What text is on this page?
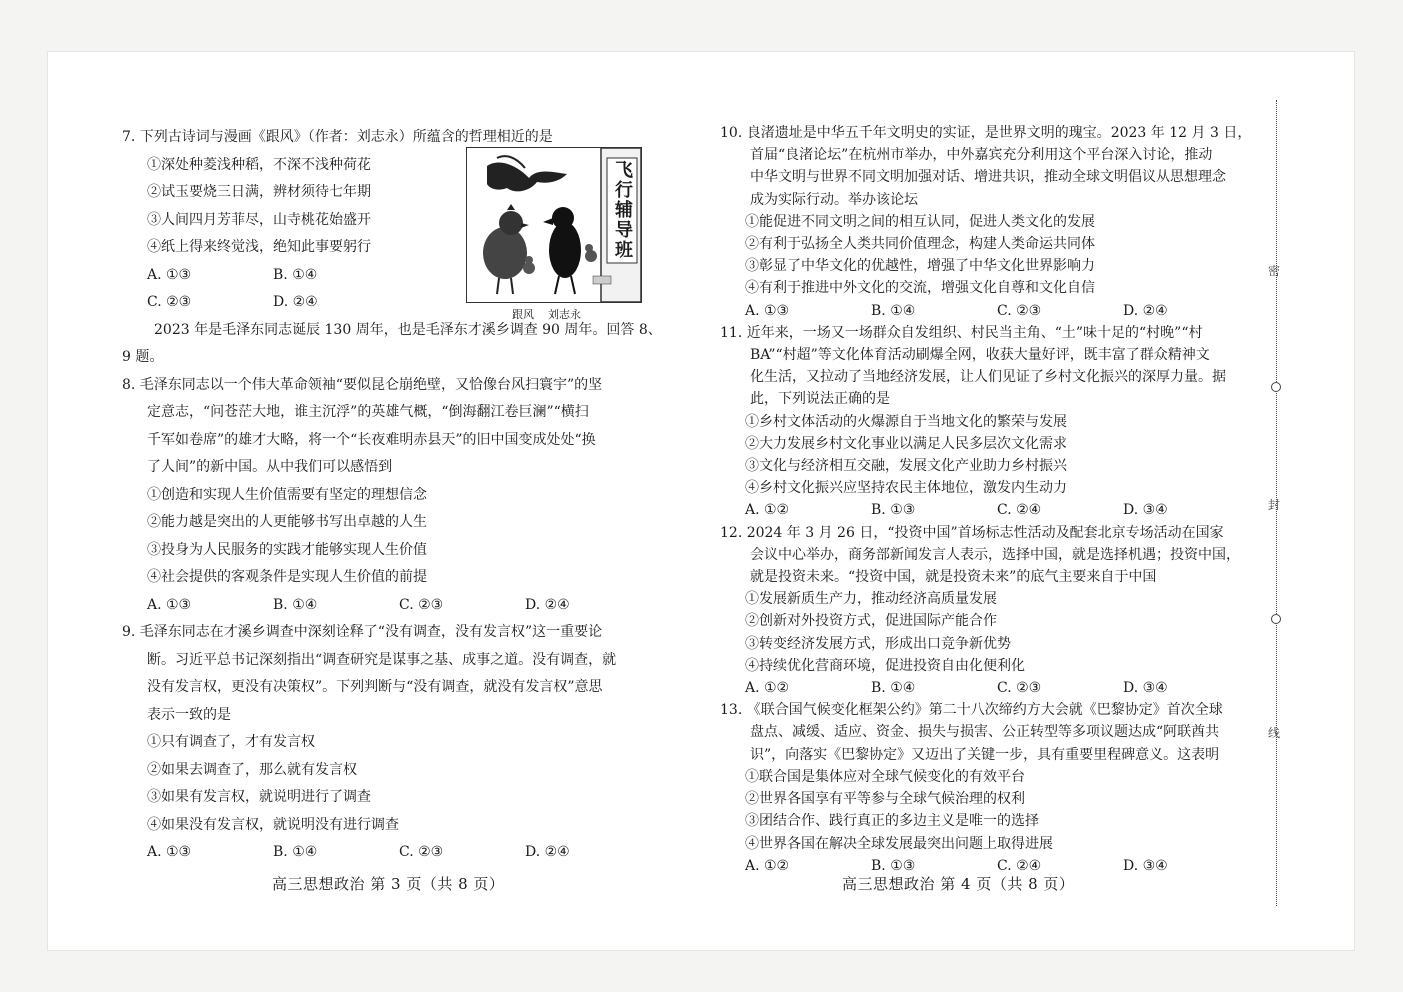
7. 下列古诗词与漫画《跟风》（作者：刘志永）所蕴含的哲理相近的是
①深处种菱浅种稻，不深不浅种荷花
②试玉要烧三日满，辨材须待七年期
③人间四月芳菲尽，山寺桃花始盛开
④纸上得来终觉浅，绝知此事要躬行
A. ①③	B. ①④
C. ②③	D. ②④
2023 年是毛泽东同志诞辰 130 周年，也是毛泽东才溪乡调查 90 周年。回答 8、
9 题。
8. 毛泽东同志以一个伟大革命领袖“要似昆仑崩绝壁，又恰像台风扫寰宇”的坚
定意志，“问苍茫大地，谁主沉浮”的英雄气概，“倒海翻江卷巨澜”“横扫
千军如卷席”的雄才大略，将一个“长夜难明赤县天”的旧中国变成处处“换
了人间”的新中国。从中我们可以感悟到
①创造和实现人生价值需要有坚定的理想信念
②能力越是突出的人更能够书写出卓越的人生
③投身为人民服务的实践才能够实现人生价值
④社会提供的客观条件是实现人生价值的前提
A. ①③	B. ①④	C. ②③	D. ②④
9. 毛泽东同志在才溪乡调查中深刻诠释了“没有调查，没有发言权”这一重要论
断。习近平总书记深刻指出“调查研究是谋事之基、成事之道。没有调查，就
没有发言权，更没有决策权”。下列判断与“没有调查，就没有发言权”意思
表示一致的是
①只有调查了，才有发言权
②如果去调查了，那么就有发言权
③如果有发言权，就说明进行了调查
④如果没有发言权，就说明没有进行调查
A. ①③	B. ①④	C. ②③	D. ②④
飞行辅导班
跟风    刘志永
高三思想政治 第 3 页（共 8 页）
10. 良渚遗址是中华五千年文明史的实证，是世界文明的瑰宝。2023 年 12 月 3 日，
首届“良渚论坛”在杭州市举办，中外嘉宾充分利用这个平台深入讨论，推动
中华文明与世界不同文明加强对话、增进共识，推动全球文明倡议从思想理念
成为实际行动。举办该论坛
①能促进不同文明之间的相互认同，促进人类文化的发展
②有利于弘扬全人类共同价值理念，构建人类命运共同体
③彰显了中华文化的优越性，增强了中华文化世界影响力
④有利于推进中外文化的交流，增强文化自尊和文化自信
A. ①③	B. ①④	C. ②③	D. ②④
11. 近年来，一场又一场群众自发组织、村民当主角、“土”味十足的“村晚”“村
BA”“村超”等文化体育活动刷爆全网，收获大量好评，既丰富了群众精神文
化生活，又拉动了当地经济发展，让人们见证了乡村文化振兴的深厚力量。据
此，下列说法正确的是
①乡村文体活动的火爆源自于当地文化的繁荣与发展
②大力发展乡村文化事业以满足人民多层次文化需求
③文化与经济相互交融，发展文化产业助力乡村振兴
④乡村文化振兴应坚持农民主体地位，激发内生动力
A. ①②	B. ①③	C. ②④	D. ③④
12. 2024 年 3 月 26 日，“投资中国”首场标志性活动及配套北京专场活动在国家
会议中心举办，商务部新闻发言人表示，选择中国，就是选择机遇；投资中国，
就是投资未来。“投资中国，就是投资未来”的底气主要来自于中国
①发展新质生产力，推动经济高质量发展
②创新对外投资方式，促进国际产能合作
③转变经济发展方式，形成出口竞争新优势
④持续优化营商环境，促进投资自由化便利化
A. ①②	B. ①④	C. ②③	D. ③④
13. 《联合国气候变化框架公约》第二十八次缔约方大会就《巴黎协定》首次全球
盘点、减缓、适应、资金、损失与损害、公正转型等多项议题达成“阿联酋共
识”，向落实《巴黎协定》又迈出了关键一步，具有重要里程碑意义。这表明
①联合国是集体应对全球气候变化的有效平台
②世界各国享有平等参与全球气候治理的权利
③团结合作、践行真正的多边主义是唯一的选择
④世界各国在解决全球发展最突出问题上取得进展
A. ①②	B. ①③	C. ②④	D. ③④
高三思想政治 第 4 页（共 8 页）
密
封
线
